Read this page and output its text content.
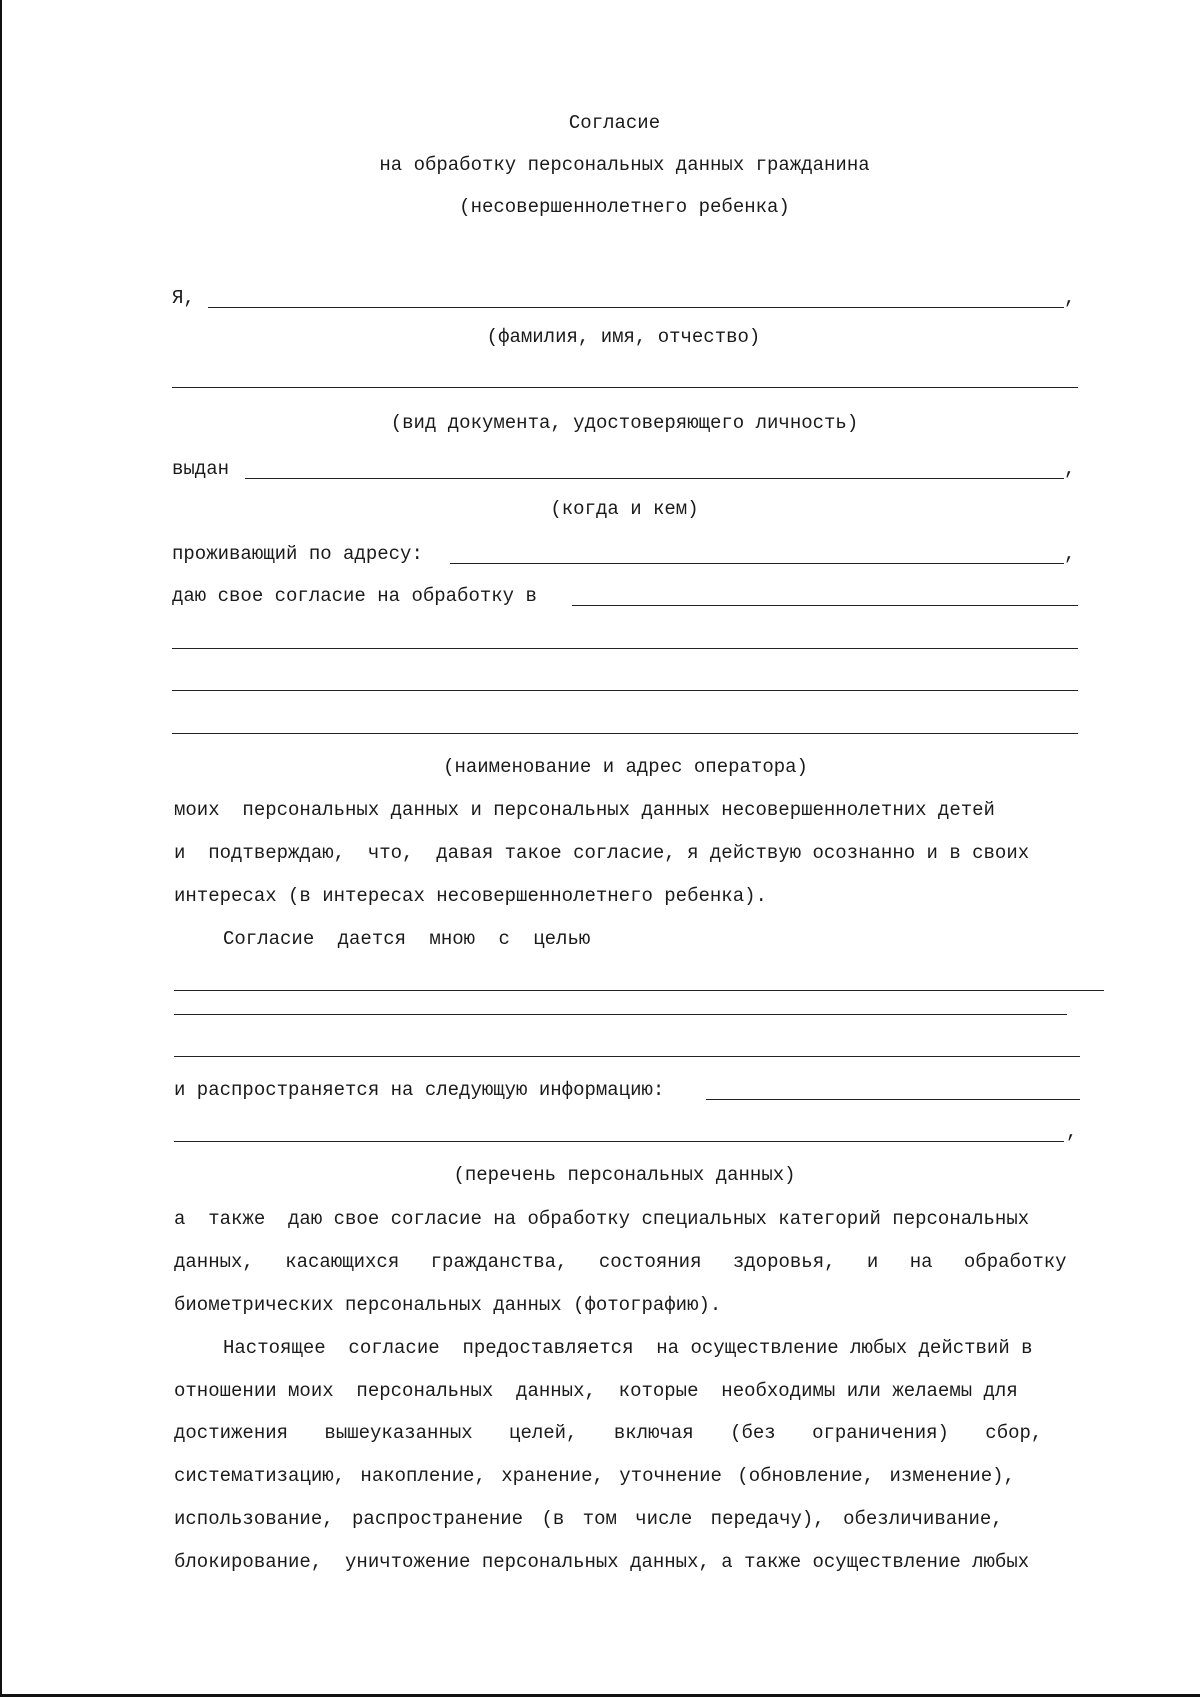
Согласие
на обработку персональных данных гражданина
(несовершеннолетнего ребенка)
Я,	,
(фамилия, имя, отчество)
(вид документа, удостоверяющего личность)
выдан	,
(когда и кем)
проживающий по адресу:	,
даю свое согласие на обработку в
(наименование и адрес оператора)
моих  персональных данных и персональных данных несовершеннолетних детей
и  подтверждаю,  что,  давая такое согласие, я действую осознанно и в своих
интересах (в интересах несовершеннолетнего ребенка).
Согласие дается мною с целью
и распространяется на следующую информацию:
,
(перечень персональных данных)
а  также  даю свое согласие на обработку специальных категорий персональных
данных, касающихся гражданства, состояния здоровья, и на обработку
биометрических персональных данных (фотографию).
Настоящее  согласие  предоставляется  на осуществление любых действий в
отношении моих  персональных  данных,  которые  необходимы или желаемы для
достижения вышеуказанных целей, включая (без ограничения) сбор,
систематизацию, накопление, хранение, уточнение (обновление, изменение),
использование, распространение (в том числе передачу), обезличивание,
блокирование,  уничтожение персональных данных, а также осуществление любых
